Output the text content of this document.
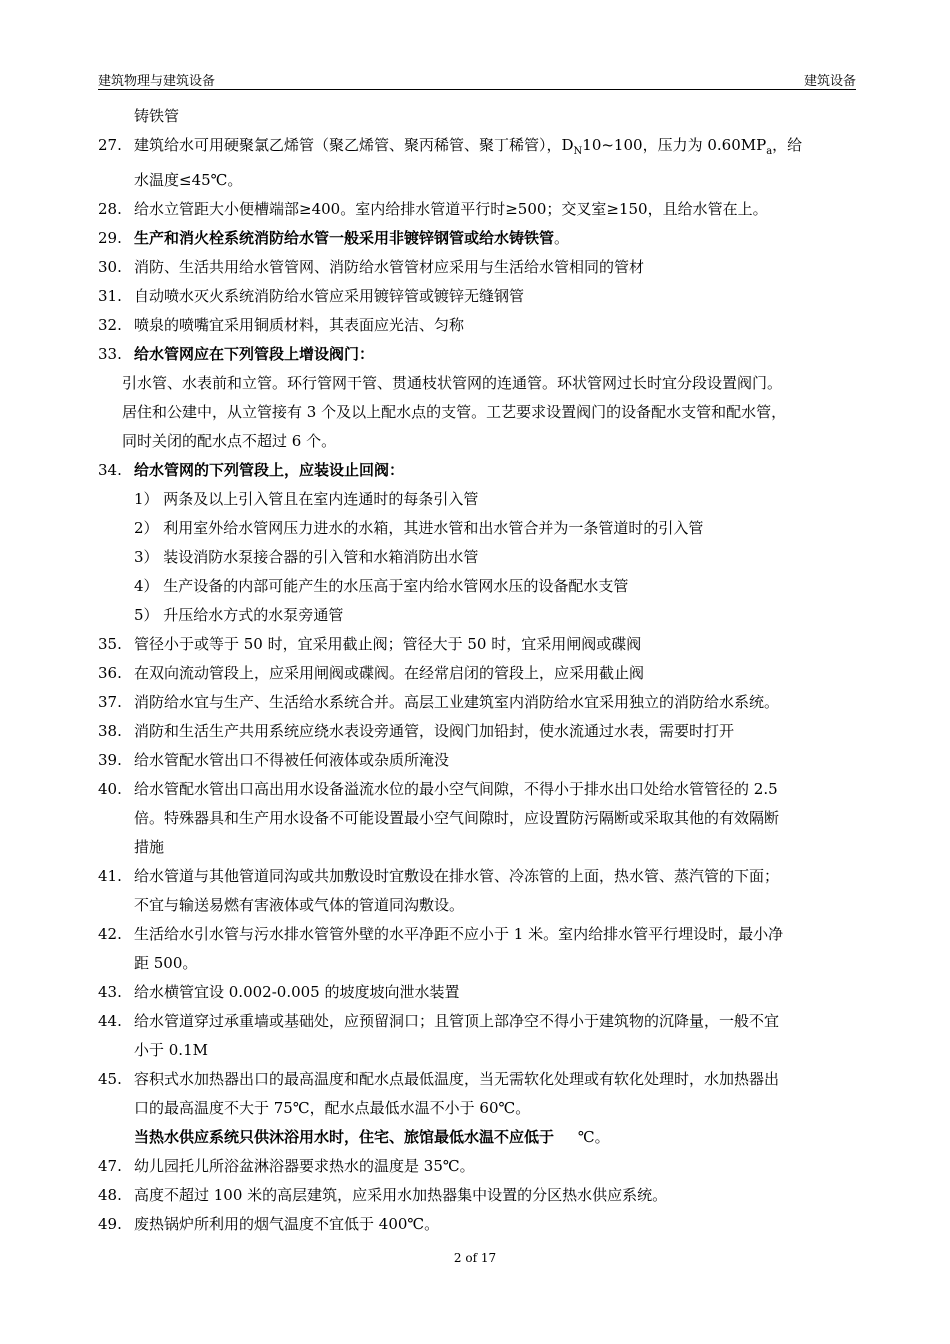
建筑物理与建筑设备	建筑设备
铸铁管
27. 建筑给水可用硬聚氯乙烯管（聚乙烯管、聚丙稀管、聚丁稀管），$D_N10\sim 100$，压力为 $0.60MP_a$，给
水温度≤45℃。
28. 给水立管距大小便槽端部≥400。室内给排水管道平行时≥500；交叉室≥150，且给水管在上。
29. 生产和消火栓系统消防给水管一般采用非镀锌钢管或给水铸铁管。
30. 消防、生活共用给水管管网、消防给水管管材应采用与生活给水管相同的管材
31. 自动喷水灭火系统消防给水管应采用镀锌管或镀锌无缝钢管
32. 喷泉的喷嘴宜采用铜质材料，其表面应光洁、匀称
33. 给水管网应在下列管段上增设阀门：
引水管、水表前和立管。环行管网干管、贯通枝状管网的连通管。环状管网过长时宜分段设置阀门。
居住和公建中，从立管接有 3 个及以上配水点的支管。工艺要求设置阀门的设备配水支管和配水管，
同时关闭的配水点不超过 6 个。
34. 给水管网的下列管段上，应装设止回阀：
1） 两条及以上引入管且在室内连通时的每条引入管
2） 利用室外给水管网压力进水的水箱，其进水管和出水管合并为一条管道时的引入管
3） 装设消防水泵接合器的引入管和水箱消防出水管
4） 生产设备的内部可能产生的水压高于室内给水管网水压的设备配水支管
5） 升压给水方式的水泵旁通管
35. 管径小于或等于 50 时，宜采用截止阀；管径大于 50 时，宜采用闸阀或碟阀
36. 在双向流动管段上，应采用闸阀或碟阀。在经常启闭的管段上，应采用截止阀
37. 消防给水宜与生产、生活给水系统合并。高层工业建筑室内消防给水宜采用独立的消防给水系统。
38. 消防和生活生产共用系统应绕水表设旁通管，设阀门加铅封，使水流通过水表，需要时打开
39. 给水管配水管出口不得被任何液体或杂质所淹没
40. 给水管配水管出口高出用水设备溢流水位的最小空气间隙，不得小于排水出口处给水管管径的 2.5
倍。特殊器具和生产用水设备不可能设置最小空气间隙时，应设置防污隔断或采取其他的有效隔断
措施
41. 给水管道与其他管道同沟或共加敷设时宜敷设在排水管、冷冻管的上面，热水管、蒸汽管的下面；
不宜与输送易燃有害液体或气体的管道同沟敷设。
42. 生活给水引水管与污水排水管管外壁的水平净距不应小于 1 米。室内给排水管平行埋设时，最小净
距 500。
43. 给水横管宜设 0.002-0.005 的坡度坡向泄水装置
44. 给水管道穿过承重墙或基础处，应预留洞口；且管顶上部净空不得小于建筑物的沉降量，一般不宜
小于 0.1M
45. 容积式水加热器出口的最高温度和配水点最低温度，当无需软化处理或有软化处理时，水加热器出
口的最高温度不大于 75℃，配水点最低水温不小于 60℃。
当热水供应系统只供沐浴用水时，住宅、旅馆最低水温不应低于     ℃。
47. 幼儿园托儿所浴盆淋浴器要求热水的温度是 35℃。
48. 高度不超过 100 米的高层建筑，应采用水加热器集中设置的分区热水供应系统。
49. 废热锅炉所利用的烟气温度不宜低于 400℃。
2 of 17
